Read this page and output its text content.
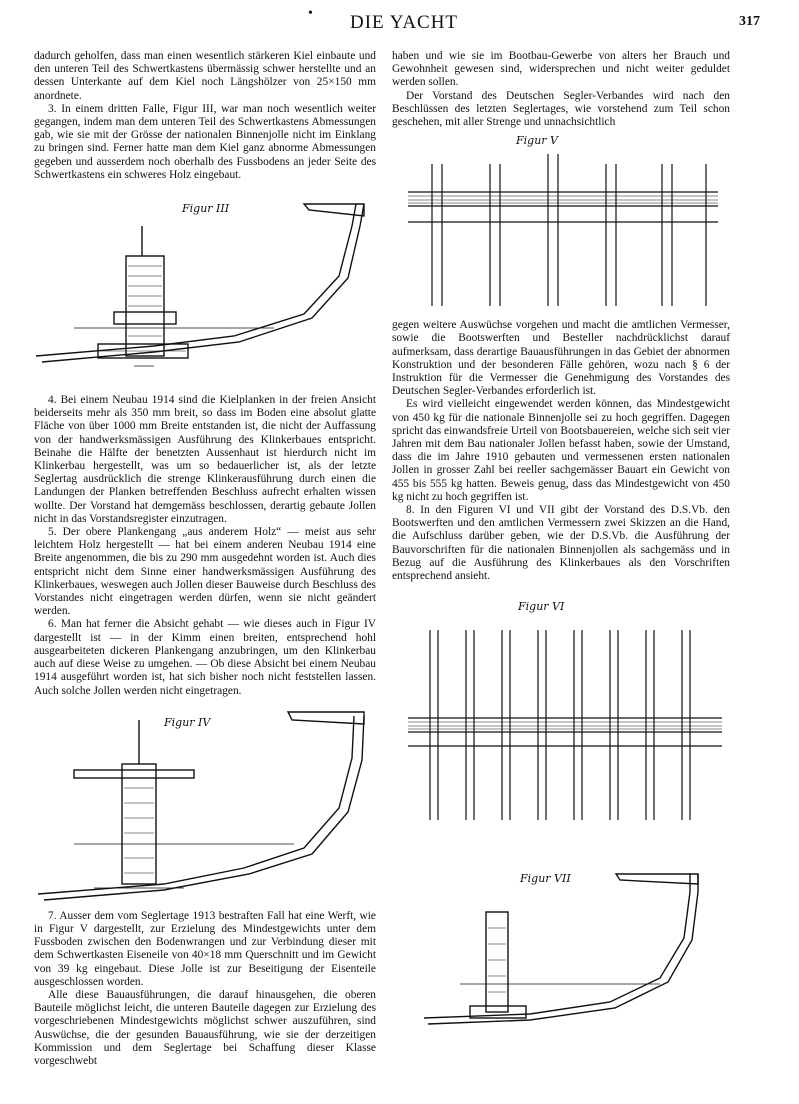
• DIE YACHT	317

dadurch geholfen, dass man einen wesentlich stärkeren Kiel einbaute und den unteren Teil des Schwertkastens übermässig schwer herstellte und an dessen Unterkante auf dem Kiel noch Längshölzer von 25×150 mm anordnete.

3. In einem dritten Falle, Figur III, war man noch wesentlich weiter gegangen, indem man dem unteren Teil des Schwertkastens Abmessungen gab, wie sie mit der Grösse der nationalen Binnenjolle nicht im Einklang zu bringen sind. Ferner hatte man dem Kiel ganz abnorme Abmessungen gegeben und ausserdem noch oberhalb des Fussbodens an jeder Seite des Schwertkastens ein schweres Holz eingebaut.

4. Bei einem Neubau 1914 sind die Kielplanken in der freien Ansicht beiderseits mehr als 350 mm breit, so dass im Boden eine absolut glatte Fläche von über 1000 mm Breite entstanden ist, die nicht der Auffassung von der handwerksmässigen Ausführung des Klinkerbaues entspricht. Beinahe die Hälfte der benetzten Aussenhaut ist hierdurch nicht im Klinkerbau hergestellt, was um so bedauerlicher ist, als der letzte Seglertag ausdrücklich die strenge Klinkerausführung durch einen die Landungen der Planken betreffenden Beschluss aufrecht erhalten wissen wollte. Der Vorstand hat demgemäss beschlossen, derartig gebaute Jollen nicht in das Vorstandsregister einzutragen.

5. Der obere Plankengang „aus anderem Holz“ — meist aus sehr leichtem Holz hergestellt — hat bei einem anderen Neubau 1914 eine Breite angenommen, die bis zu 290 mm ausgedehnt worden ist. Auch dies entspricht nicht dem Sinne einer handwerksmässigen Ausführung des Klinkerbaues, weswegen auch Jollen dieser Bauweise durch Beschluss des Vorstandes nicht eingetragen werden dürfen, wenn sie nicht geändert werden.

6. Man hat ferner die Absicht gehabt — wie dieses auch in Figur IV dargestellt ist — in der Kimm einen breiten, entsprechend hohl ausgearbeiteten dickeren Plankengang anzubringen, um den Klinkerbau auch auf diese Weise zu umgehen. — Ob diese Absicht bei einem Neubau 1914 ausgeführt worden ist, hat sich bisher noch nicht feststellen lassen. Auch solche Jollen werden nicht eingetragen.

7. Ausser dem vom Seglertage 1913 bestraften Fall hat eine Werft, wie in Figur V dargestellt, zur Erzielung des Mindestgewichts unter dem Fussboden zwischen den Bodenwrangen und zur Verbindung dieser mit dem Schwertkasten Eiseneile von 40×18 mm Querschnitt und im Gewicht von 39 kg eingebaut. Diese Jolle ist zur Beseitigung der Eisenteile ausgeschlossen worden.

Alle diese Bauausführungen, die darauf hinausgehen, die oberen Bauteile möglichst leicht, die unteren Bauteile dagegen zur Erzielung des vorgeschriebenen Mindestgewichts möglichst schwer auszuführen, sind Auswüchse, die der gesunden Bauausführung, wie sie der derzeitigen Kommission und dem Seglertage bei Schaffung dieser Klasse vorgeschwebt

haben und wie sie im Bootbau-Gewerbe von alters her Brauch und Gewohnheit gewesen sind, widersprechen und nicht weiter geduldet werden sollen.

Der Vorstand des Deutschen Segler-Verbandes wird nach den Beschlüssen des letzten Seglertages, wie vorstehend zum Teil schon geschehen, mit aller Strenge und unnachsichtlich

gegen weitere Auswüchse vorgehen und macht die amtlichen Vermesser, sowie die Bootswerften und Besteller nachdrücklichst darauf aufmerksam, dass derartige Bauausführungen in das Gebiet der abnormen Konstruktion und der besonderen Fälle gehören, wozu nach § 6 der Instruktion für die Vermesser die Genehmigung des Vorstandes des Deutschen Segler-Verbandes erforderlich ist.

Es wird vielleicht eingewendet werden können, das Mindestgewicht von 450 kg für die nationale Binnenjolle sei zu hoch gegriffen. Dagegen spricht das einwandsfreie Urteil von Bootsbauereien, welche sich seit vier Jahren mit dem Bau nationaler Jollen befasst haben, sowie der Umstand, dass die im Jahre 1910 gebauten und vermessenen ersten nationalen Jollen in grosser Zahl bei reeller sachgemässer Bauart ein Gewicht von 455 bis 555 kg hatten. Beweis genug, dass das Mindestgewicht von 450 kg nicht zu hoch gegriffen ist.

8. In den Figuren VI und VII gibt der Vorstand des D.S.Vb. den Bootswerften und den amtlichen Vermessern zwei Skizzen an die Hand, die Aufschluss darüber geben, wie der D.S.Vb. die Ausführung der Bauvorschriften für die nationalen Binnenjollen als sachgemäss und in Bezug auf die Ausführung des Klinkerbaues als den Vorschriften entsprechend ansieht.

Figur III
Figur IV
Figur V
Figur VI
Figur VII
